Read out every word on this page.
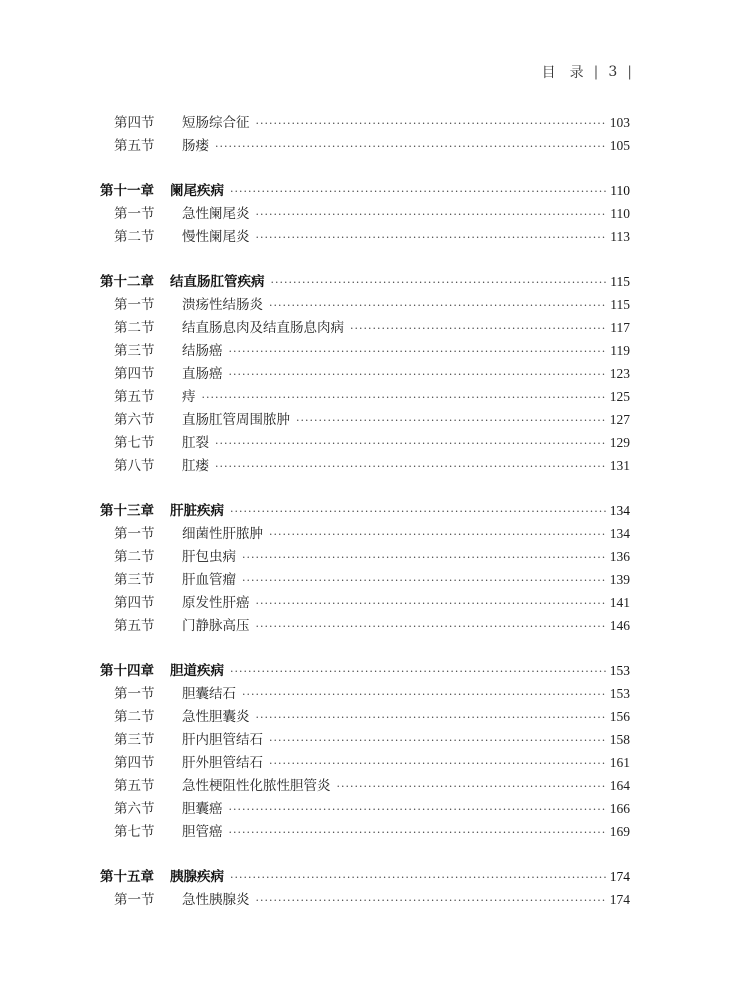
目　录 | 3 |
第四节	短肠综合征 ·····	103
第五节	肠瘘 ·····	105
第十一章	阑尾疾病 ·····	110
第一节	急性阑尾炎 ·····	110
第二节	慢性阑尾炎 ·····	113
第十二章	结直肠肛管疾病 ·····	115
第一节	溃疡性结肠炎 ·····	115
第二节	结直肠息肉及结直肠息肉病 ·····	117
第三节	结肠癌 ·····	119
第四节	直肠癌 ·····	123
第五节	痔 ·····	125
第六节	直肠肛管周围脓肿 ·····	127
第七节	肛裂 ·····	129
第八节	肛瘘 ·····	131
第十三章	肝脏疾病 ·····	134
第一节	细菌性肝脓肿 ·····	134
第二节	肝包虫病 ·····	136
第三节	肝血管瘤 ·····	139
第四节	原发性肝癌 ·····	141
第五节	门静脉高压 ·····	146
第十四章	胆道疾病 ·····	153
第一节	胆囊结石 ·····	153
第二节	急性胆囊炎 ·····	156
第三节	肝内胆管结石 ·····	158
第四节	肝外胆管结石 ·····	161
第五节	急性梗阻性化脓性胆管炎 ·····	164
第六节	胆囊癌 ·····	166
第七节	胆管癌 ·····	169
第十五章	胰腺疾病 ·····	174
第一节	急性胰腺炎 ·····	174
